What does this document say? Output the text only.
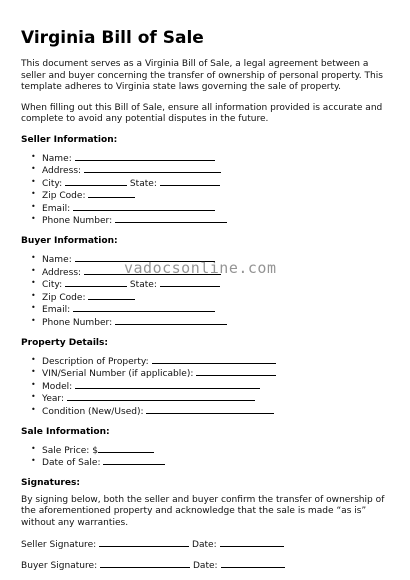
Virginia Bill of Sale

This document serves as a Virginia Bill of Sale, a legal agreement between a seller and buyer concerning the transfer of ownership of personal property. This template adheres to Virginia state laws governing the sale of property.

When filling out this Bill of Sale, ensure all information provided is accurate and complete to avoid any potential disputes in the future.

Seller Information:
• Name:
• Address:
• City:	State:
• Zip Code:
• Email:
• Phone Number:
Buyer Information:
• Name:
• Address:
• City:	State:
• Zip Code:
• Email:
• Phone Number:
Property Details:
• Description of Property:
• VIN/Serial Number (if applicable):
• Model:
• Year:
• Condition (New/Used):
Sale Information:
• Sale Price: $
• Date of Sale:
Signatures:

By signing below, both the seller and buyer confirm the transfer of ownership of the aforementioned property and acknowledge that the sale is made “as is” without any warranties.

Seller Signature:	Date:
Buyer Signature:	Date:
vadocsonline.com
